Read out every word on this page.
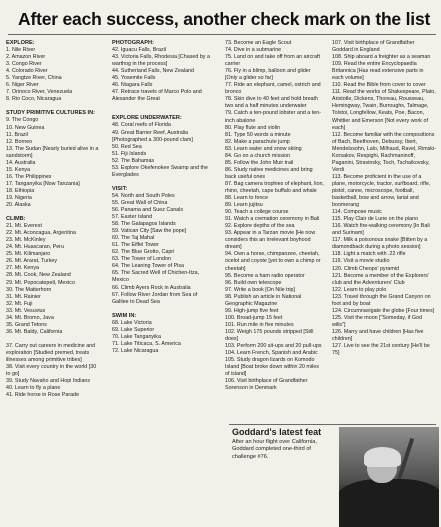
After each success, another check mark on the list
EXPLORE:
1. Nile River
2. Amazon River
3. Congo River
4. Colorado River
5. Yangtze River, China
6. Niger River
7. Orinoco River, Venezuela
8. Rio Coco, Nicaragua
STUDY PRIMITIVE CULTURES IN:
9. The Congo
10. New Guinea
11. Brazil
12. Borneo
13. The Sudan [Nearly buried alive in a sandstorm]
14. Australia
15. Kenya
16. The Philippines
17. Tanganyika [Now Tanzania]
18. Ethiopia
19. Nigeria
20. Alaska
CLIMB:
21. Mt. Everest
22. Mt. Aconcagua, Argentina
23. Mt. McKinley
24. Mt. Huascaran, Peru
25. Mt. Kilimanjaro
26. Mt. Ararat, Turkey
27. Mt. Kenya
28. Mt. Cook, New Zealand
29. Mt. Popocatepetl, Mexico
30. The Matterhorn
31. Mt. Rainier
32. Mt. Fuji
33. Mt. Vesuvius
34. Mt. Bromo, Java
35. Grand Tetons
36. Mt. Baldy, California
37. Carry out careers in medicine and exploration [Studied premed, treats illnesses among primitive tribes]
38. Visit every country in the world [30 to go]
39. Study Navaho and Hopi Indians
40. Learn to fly a plane
41. Ride horse in Rose Parade
PHOTOGRAPH:
42. Iguacu Falls, Brazil
43. Victoria Falls, Rhodesia [Chased by a warthog in the process]
44. Sutherland Falls, New Zealand
45. Yosemite Falls
46. Niagara Falls
47. Retrace travels of Marco Polo and Alexander the Great
EXPLORE UNDERWATER:
48. Coral reefs of Florida
49. Great Barrier Reef, Australia [Photographed a 300-pound clam]
50. Red Sea
51. Fiji Islands
52. The Bahamas
53. Explore Okefenokee Swamp and the Everglades
VISIT:
54. North and South Poles
55. Great Wall of China
56. Panama and Suez Canals
57. Easter Island
58. The Galapagos Islands
59. Vatican City [Saw the pope]
60. The Taj Mahal
61. The Eiffel Tower
62. The Blue Grotto, Capri
63. The Tower of London
64. The Leaning Tower of Pisa
65. The Sacred Well of Chichen-Itza, Mexico
66. Climb Ayers Rock in Australia
67. Follow River Jordan from Sea of Galilee to Dead Sea
SWIM IN:
68. Lake Victoria
69. Lake Superior
70. Lake Tanganyika
71. Lake Titicaca, S. America
72. Lake Nicaragua
73. Become an Eagle Scout
74. Dive in a submarine
75. Land on and take off from an aircraft carrier
76. Fly in a blimp, balloon and glider [Only a glider so far]
77. Ride an elephant, camel, ostrich and bronco
78. Skin dive to 40 feet and hold breath two and a half minutes underwater
79. Catch a ten-pound lobster and a ten-inch abalone
80. Play flute and violin
81. Type 50 words a minute
82. Make a parachute jump
83. Learn water and snow skiing
84. Go on a church mission
85. Follow the John Muir trail
86. Study native medicines and bring back useful ones
87. Bag camera trophies of elephant, lion, rhino, cheetah, cape buffalo and whale
88. Learn to fence
89. Learn jujitsu
90. Teach a college course
91. Watch a cremation ceremony in Bali
92. Explore depths of the sea
93. Appear in a Tarzan movie [He now considers this an irrelevant boyhood dream]
94. Own a horse, chimpanzee, cheetah, ocelot and coyote [yet to own a chimp or cheetah]
95. Become a ham radio operator
96. Build own telescope
97. Write a book [On Nile trip]
98. Publish an article in National Geographic Magazine
99. High-jump five feet
100. Broad-jump 15 feet
101. Run mile in five minutes
102. Weigh 175 pounds stripped [Still does]
103. Perform 200 sit-ups and 20 pull-ups
104. Learn French, Spanish and Arabic
105. Study dragon lizards on Komodo Island [Boat broke down within 20 miles of island]
106. Visit birthplace of Grandfather Sorenson in Denmark
107. Visit birthplace of Grandfather Goddard in England
108. Ship aboard a freighter as a seaman
109. Read the entire Encyclopaedia Britannica [Has read extensive parts in each volume]
110. Read the Bible from cover to cover
111. Read the works of Shakespeare, Plato, Aristotle, Dickens, Thoreau, Rousseau, Hemingway, Twain, Burroughs, Talmage, Tolstoi, Longfellow, Keats, Poe, Bacon, Whittier and Emerson [Not every work of each]
112. Become familiar with the compositions of Bach, Beethoven, Debussy, Ibert, Mendelssohn, Lalo, Milhaud, Ravel, Rimski-Korsakov, Respighi, Rachmaninoff, Paganini, Stravinsky, Toch, Tschaikovsky, Verdi
113. Become proficient in the use of a plane, motorcycle, tractor, surfboard, rifle, pistol, canoe, microscope, football, basketball, bow and arrow, lariat and boomerang
114. Compose music
115. Play Clair de Lune on the piano
116. Watch fire-walking ceremony [In Bali and Surinam]
117. Milk a poisonous snake [Bitten by a diamondback during a photo session]
118. Light a match with .22 rifle
119. Visit a movie studio
120. Climb Cheops' pyramid
121. Become a member of the Explorers' club and the Adventurers' Club
122. Learn to play polo
123. Travel through the Grand Canyon on foot and by boat
124. Circumnavigate the globe [Four times]
125. Visit the moon ["Someday, if God wills"]
126. Marry and have children [Has five children]
127. Live to see the 21st century [He'll be 75]
Goddard's latest feat
After an hour flight over California, Goddard completed one-third of challenge #76.
